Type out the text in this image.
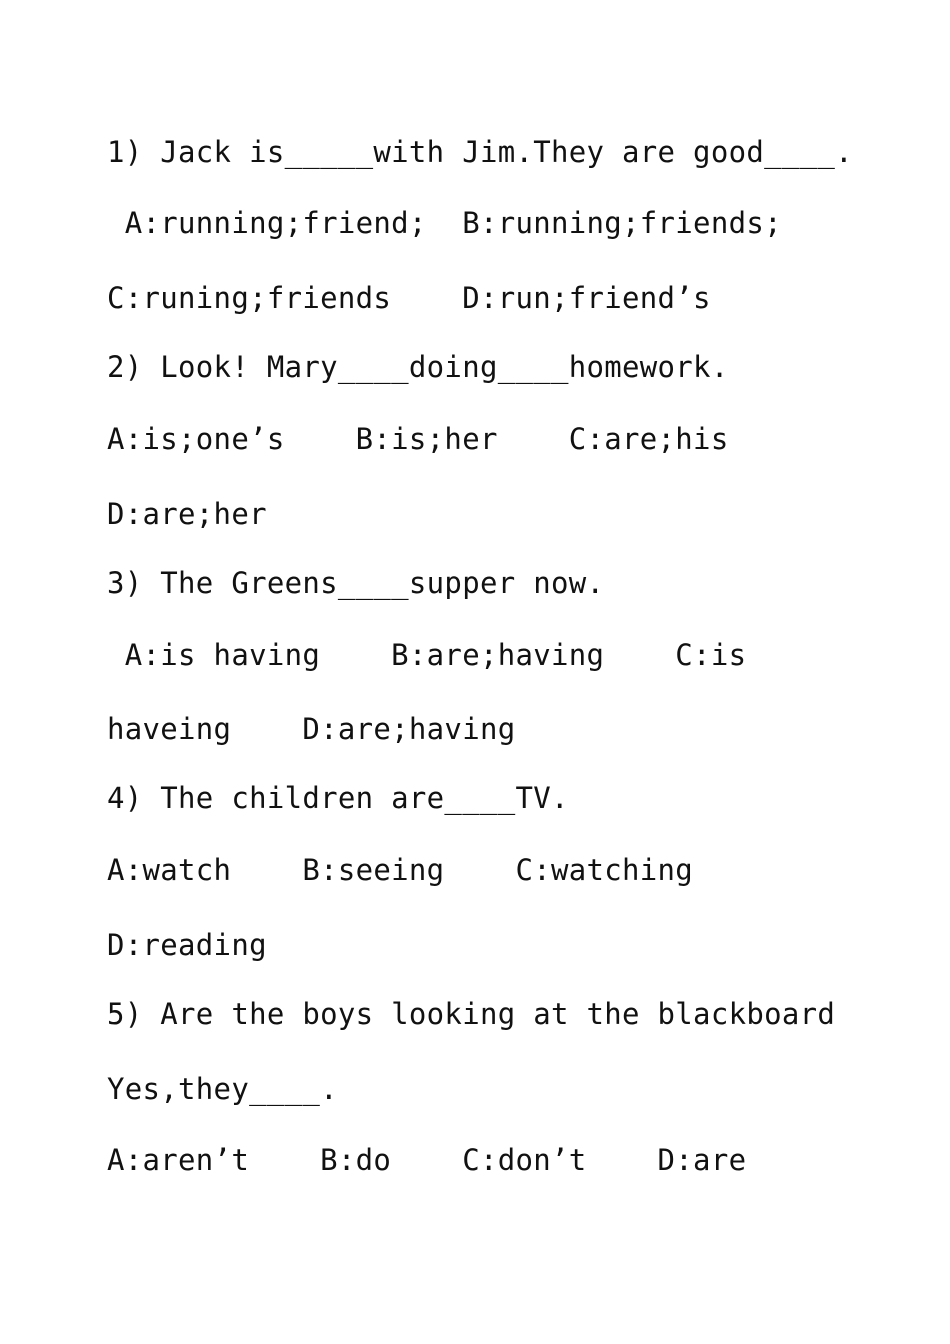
1) Jack is_____with Jim.They are good____.
A:running;friend;  B:running;friends;
C:runing;friends    D:run;friend’s
2) Look! Mary____doing____homework.
A:is;one’s    B:is;her    C:are;his
D:are;her
3) The Greens____supper now.
A:is having    B:are;having    C:is
haveing    D:are;having
4) The children are____TV.
A:watch    B:seeing    C:watching
D:reading
5) Are the boys looking at the blackboard
Yes,they____.
A:aren’t    B:do    C:don’t    D:are
